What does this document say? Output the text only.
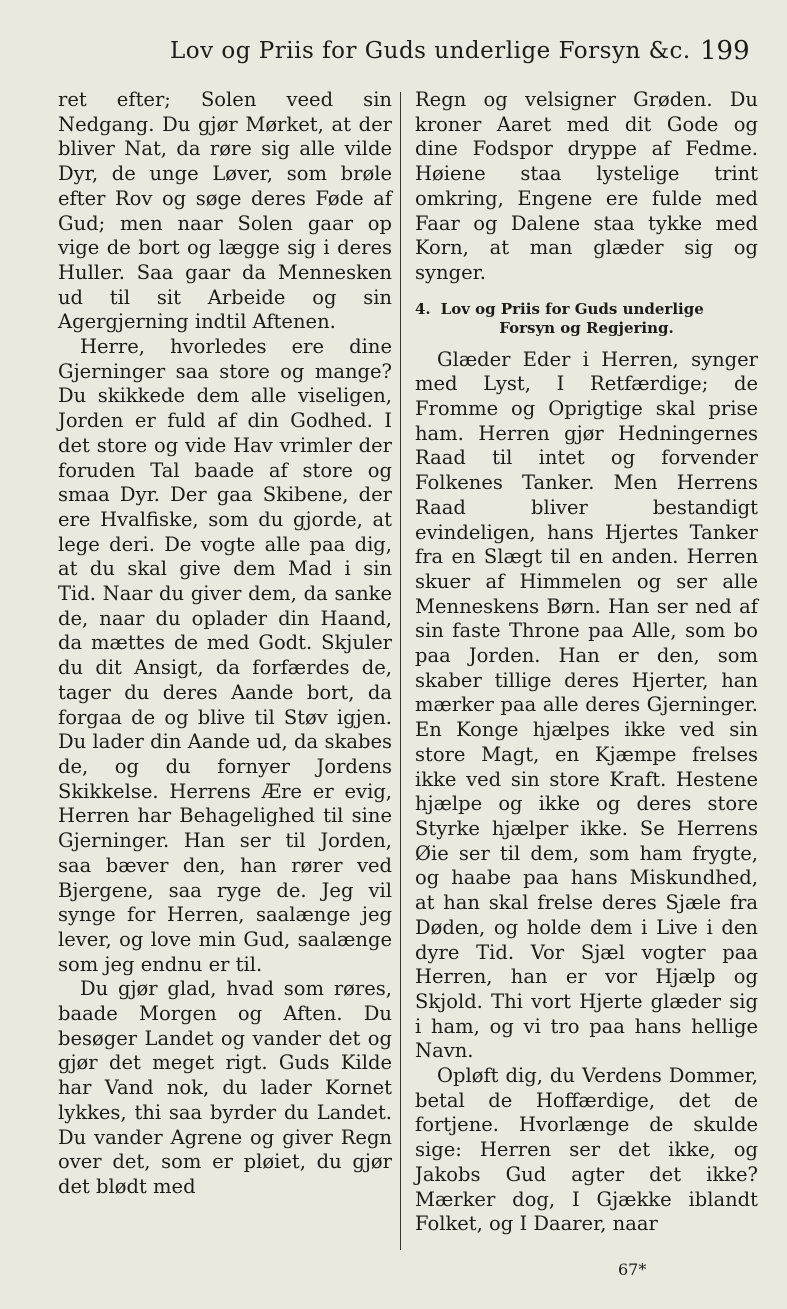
Lov og Priis for Guds underlige Forsyn &c. 199

ret efter; Solen veed sin Nedgang. Du gjør Mørket, at der bliver Nat, da røre sig alle vilde Dyr, de unge Løver, som brøle efter Rov og søge deres Føde af Gud; men naar Solen gaar op vige de bort og lægge sig i deres Huller. Saa gaar da Mennesken ud til sit Arbeide og sin Agergjerning indtil Aftenen.

Herre, hvorledes ere dine Gjerninger saa store og mange? Du skikkede dem alle viseligen, Jorden er fuld af din Godhed. I det store og vide Hav vrimler der foruden Tal baade af store og smaa Dyr. Der gaa Skibene, der ere Hvalfiske, som du gjorde, at lege deri. De vogte alle paa dig, at du skal give dem Mad i sin Tid. Naar du giver dem, da sanke de, naar du oplader din Haand, da mættes de med Godt. Skjuler du dit Ansigt, da forfærdes de, tager du deres Aande bort, da forgaa de og blive til Støv igjen. Du lader din Aande ud, da skabes de, og du fornyer Jordens Skikkelse. Herrens Ære er evig, Herren har Behagelighed til sine Gjerninger. Han ser til Jorden, saa bæver den, han rører ved Bjergene, saa ryge de. Jeg vil synge for Herren, saalænge jeg lever, og love min Gud, saalænge som jeg endnu er til.

Du gjør glad, hvad som røres, baade Morgen og Aften. Du besøger Landet og vander det og gjør det meget rigt. Guds Kilde har Vand nok, du lader Kornet lykkes, thi saa byrder du Landet. Du vander Agrene og giver Regn over det, som er pløiet, du gjør det blødt med

Regn og velsigner Grøden. Du kroner Aaret med dit Gode og dine Fodspor dryppe af Fedme. Høiene staa lystelige trint omkring, Engene ere fulde med Faar og Dalene staa tykke med Korn, at man glæder sig og synger.

4. Lov og Priis for Guds underlige
Forsyn og Regjering.

Glæder Eder i Herren, synger med Lyst, I Retfærdige; de Fromme og Oprigtige skal prise ham. Herren gjør Hedningernes Raad til intet og forvender Folkenes Tanker. Men Herrens Raad bliver bestandigt evindeligen, hans Hjertes Tanker fra en Slægt til en anden. Herren skuer af Himmelen og ser alle Menneskens Børn. Han ser ned af sin faste Throne paa Alle, som bo paa Jorden. Han er den, som skaber tillige deres Hjerter, han mærker paa alle deres Gjerninger. En Konge hjælpes ikke ved sin store Magt, en Kjæmpe frelses ikke ved sin store Kraft. Hestene hjælpe og ikke og deres store Styrke hjælper ikke. Se Herrens Øie ser til dem, som ham frygte, og haabe paa hans Miskundhed, at han skal frelse deres Sjæle fra Døden, og holde dem i Live i den dyre Tid. Vor Sjæl vogter paa Herren, han er vor Hjælp og Skjold. Thi vort Hjerte glæder sig i ham, og vi tro paa hans hellige Navn.

Opløft dig, du Verdens Dommer, betal de Hoffærdige, det de fortjene. Hvorlænge de skulde sige: Herren ser det ikke, og Jakobs Gud agter det ikke? Mærker dog, I Gjække iblandt Folket, og I Daarer, naar

67*
